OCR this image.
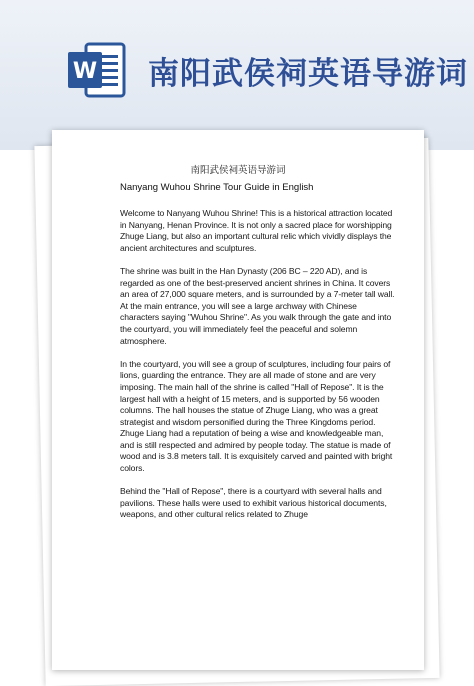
W 南阳武侯祠英语导游词
南阳武侯祠英语导游词
Nanyang Wuhou Shrine Tour Guide in English

Welcome to Nanyang Wuhou Shrine! This is a historical attraction located in Nanyang, Henan Province. It is not only a sacred place for worshipping Zhuge Liang, but also an important cultural relic which vividly displays the ancient architectures and sculptures.

The shrine was built in the Han Dynasty (206 BC – 220 AD), and is regarded as one of the best-preserved ancient shrines in China. It covers an area of 27,000 square meters, and is surrounded by a 7-meter tall wall. At the main entrance, you will see a large archway with Chinese characters saying "Wuhou Shrine". As you walk through the gate and into the courtyard, you will immediately feel the peaceful and solemn atmosphere.

In the courtyard, you will see a group of sculptures, including four pairs of lions, guarding the entrance. They are all made of stone and are very imposing. The main hall of the shrine is called "Hall of Repose". It is the largest hall with a height of 15 meters, and is supported by 56 wooden columns. The hall houses the statue of Zhuge Liang, who was a great strategist and wisdom personified during the Three Kingdoms period. Zhuge Liang had a reputation of being a wise and knowledgeable man, and is still respected and admired by people today. The statue is made of wood and is 3.8 meters tall. It is exquisitely carved and painted with bright colors.

Behind the "Hall of Repose", there is a courtyard with several halls and pavilions. These halls were used to exhibit various historical documents, weapons, and other cultural relics related to Zhuge
